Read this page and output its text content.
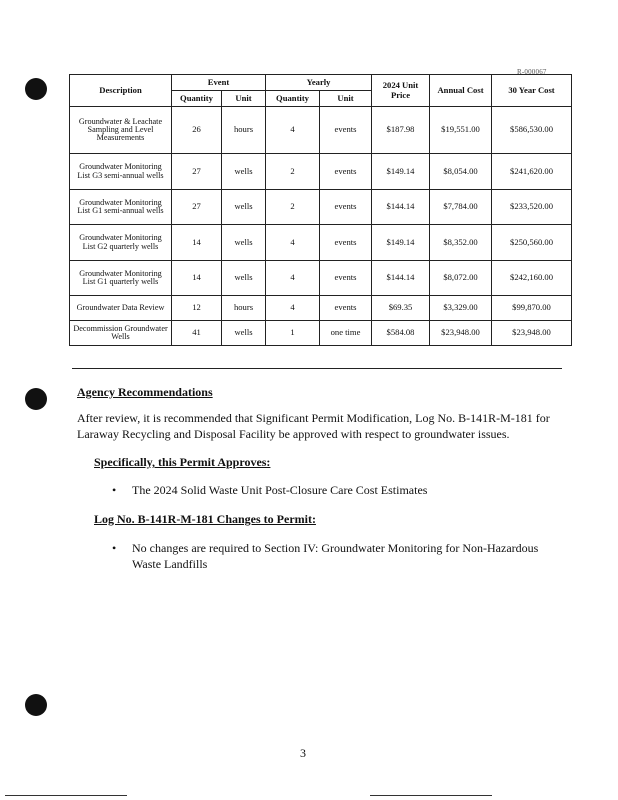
R-000067
Description	Event		Yearly		2024 Unit Price	Annual Cost	30 Year Cost
	Quantity	Unit	Quantity	Unit			
Groundwater & Leachate Sampling and Level Measurements	26	hours	4	events	$187.98	$19,551.00	$586,530.00
Groundwater Monitoring List G3 semi-annual wells	27	wells	2	events	$149.14	$8,054.00	$241,620.00
Groundwater Monitoring List G1 semi-annual wells	27	wells	2	events	$144.14	$7,784.00	$233,520.00
Groundwater Monitoring List G2 quarterly wells	14	wells	4	events	$149.14	$8,352.00	$250,560.00
Groundwater Monitoring List G1 quarterly wells	14	wells	4	events	$144.14	$8,072.00	$242,160.00
Groundwater Data Review	12	hours	4	events	$69.35	$3,329.00	$99,870.00
Decommission Groundwater Wells	41	wells	1	one time	$584.08	$23,948.00	$23,948.00
Agency Recommendations
After review, it is recommended that Significant Permit Modification, Log No. B-141R-M-181 for Laraway Recycling and Disposal Facility be approved with respect to groundwater issues.
Specifically, this Permit Approves:
• The 2024 Solid Waste Unit Post-Closure Care Cost Estimates
Log No. B-141R-M-181 Changes to Permit:
• No changes are required to Section IV: Groundwater Monitoring for Non-Hazardous Waste Landfills
3
